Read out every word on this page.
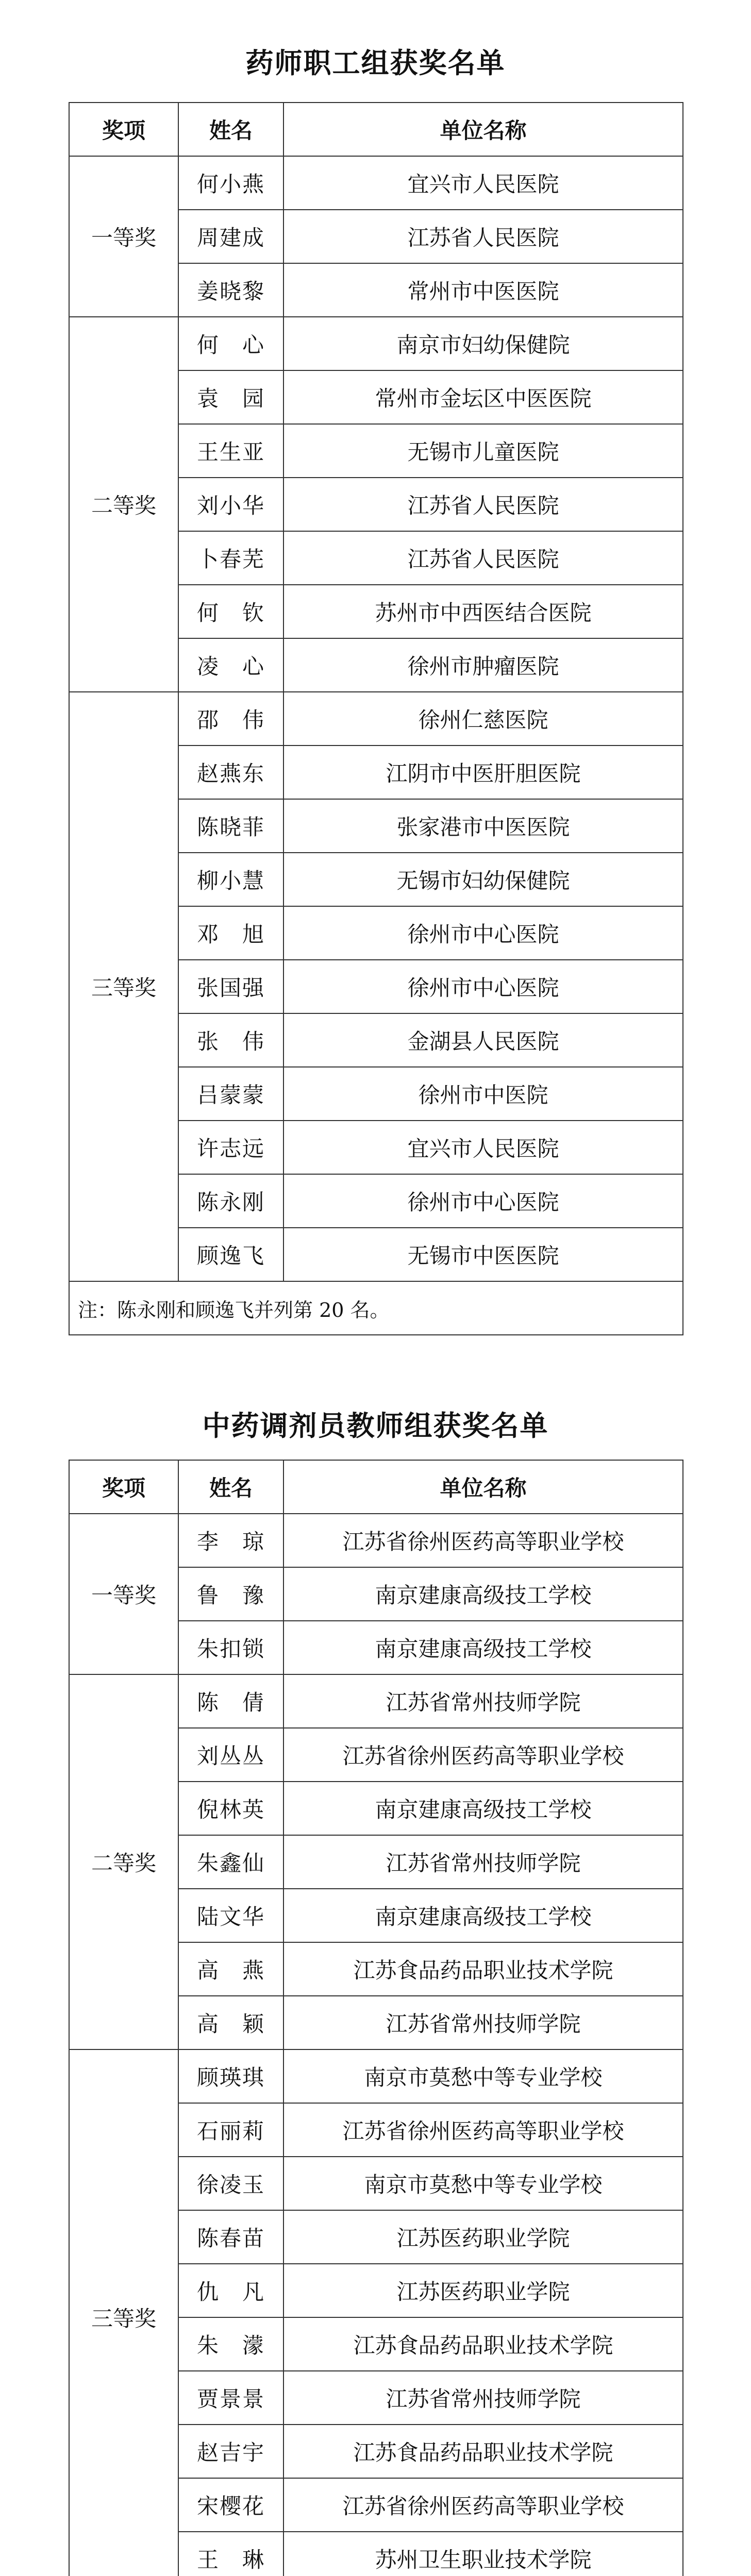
药师职工组获奖名单
奖项	姓名	单位名称
一等奖	何小燕	宜兴市人民医院
	周建成	江苏省人民医院
	姜晓黎	常州市中医医院
二等奖	何　心	南京市妇幼保健院
	袁　园	常州市金坛区中医医院
	王生亚	无锡市儿童医院
	刘小华	江苏省人民医院
	卜春芜	江苏省人民医院
	何　钦	苏州市中西医结合医院
	凌　心	徐州市肿瘤医院
三等奖	邵　伟	徐州仁慈医院
	赵燕东	江阴市中医肝胆医院
	陈晓菲	张家港市中医医院
	柳小慧	无锡市妇幼保健院
	邓　旭	徐州市中心医院
	张国强	徐州市中心医院
	张　伟	金湖县人民医院
	吕蒙蒙	徐州市中医院
	许志远	宜兴市人民医院
	陈永刚	徐州市中心医院
	顾逸飞	无锡市中医医院
注：陈永刚和顾逸飞并列第 20 名。		
中药调剂员教师组获奖名单
奖项	姓名	单位名称
一等奖	李　琼	江苏省徐州医药高等职业学校
	鲁　豫	南京建康高级技工学校
	朱扣锁	南京建康高级技工学校
二等奖	陈　倩	江苏省常州技师学院
	刘丛丛	江苏省徐州医药高等职业学校
	倪林英	南京建康高级技工学校
	朱鑫仙	江苏省常州技师学院
	陆文华	南京建康高级技工学校
	高　燕	江苏食品药品职业技术学院
	高　颖	江苏省常州技师学院
三等奖	顾瑛琪	南京市莫愁中等专业学校
	石丽莉	江苏省徐州医药高等职业学校
	徐凌玉	南京市莫愁中等专业学校
	陈春苗	江苏医药职业学院
	仇　凡	江苏医药职业学院
	朱　濛	江苏食品药品职业技术学院
	贾景景	江苏省常州技师学院
	赵吉宇	江苏食品药品职业技术学院
	宋樱花	江苏省徐州医药高等职业学校
	王　琳	苏州卫生职业技术学院
